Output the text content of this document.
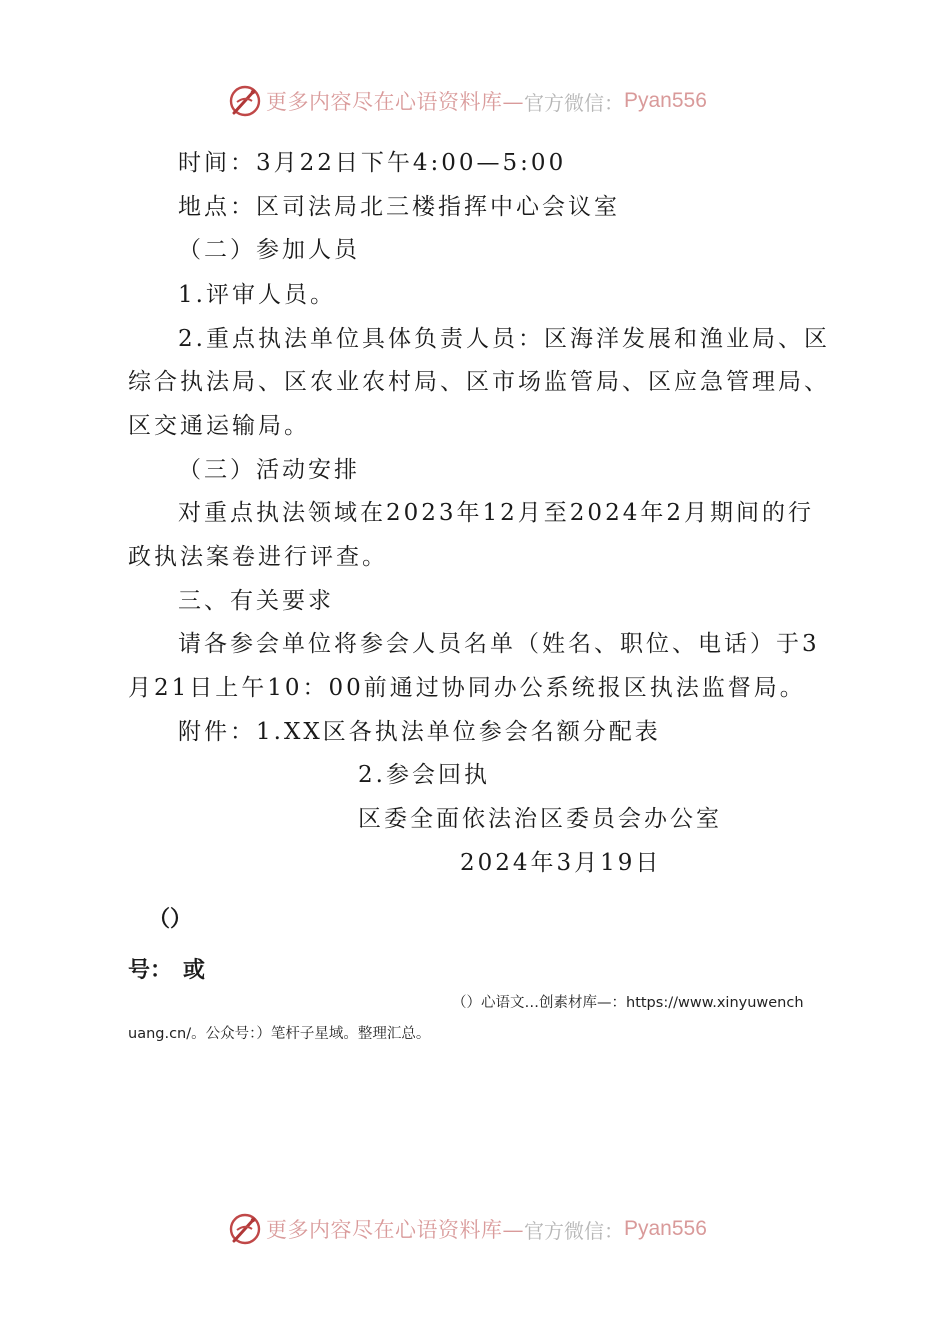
更多内容尽在心语资料库— 官方微信： Pyan556
时间：3月22日下午4:00—5:00
地点：区司法局北三楼指挥中心会议室
（二）参加人员
1.评审人员。
2.重点执法单位具体负责人员：区海洋发展和渔业局、区
综合执法局、区农业农村局、区市场监管局、区应急管理局、
区交通运输局。
（三）活动安排
对重点执法领域在2023年12月至2024年2月期间的行
政执法案卷进行评查。
三、有关要求
请各参会单位将参会人员名单（姓名、职位、电话）于3
月21日上午10：00前通过协同办公系统报区执法监督局。
附件：1.XX区各执法单位参会名额分配表
2.参会回执
区委全面依法治区委员会办公室
2024年3月19日
（）
号：　或
（）心语文…创素材库—：https://www.xinyuwench
uang.cn/。公众号：）笔杆子星域。整理汇总。
更多内容尽在心语资料库— 官方微信： Pyan556
